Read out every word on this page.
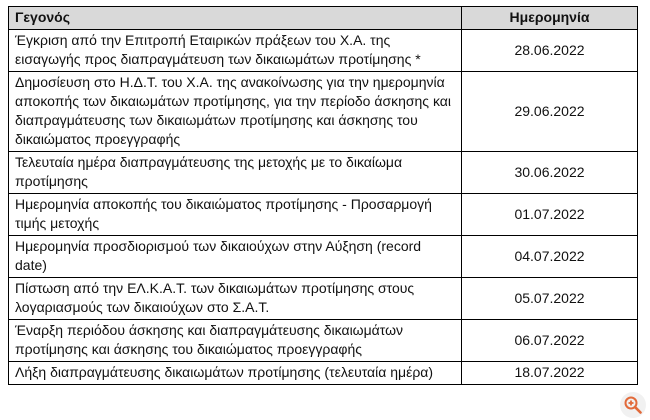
Γεγονός	Ημερομηνία
Έγκριση από την Επιτροπή Εταιρικών πράξεων του Χ.Α. της εισαγωγής προς διαπραγμάτευση των δικαιωμάτων προτίμησης *	28.06.2022
Δημοσίευση στο Η.Δ.Τ. του Χ.Α. της ανακοίνωσης για την ημερομηνία αποκοπής των δικαιωμάτων προτίμησης, για την περίοδο άσκησης και διαπραγμάτευσης των δικαιωμάτων προτίμησης και άσκησης του δικαιώματος προεγγραφής	29.06.2022
Τελευταία ημέρα διαπραγμάτευσης της μετοχής με το δικαίωμα προτίμησης	30.06.2022
Ημερομηνία αποκοπής του δικαιώματος προτίμησης - Προσαρμογή τιμής μετοχής	01.07.2022
Ημερομηνία προσδιορισμού των δικαιούχων στην Αύξηση (record date)	04.07.2022
Πίστωση από την ΕΛ.Κ.Α.Τ. των δικαιωμάτων προτίμησης στους λογαριασμούς των δικαιούχων στο Σ.Α.Τ.	05.07.2022
Έναρξη περιόδου άσκησης και διαπραγμάτευσης δικαιωμάτων προτίμησης και άσκησης του δικαιώματος προεγγραφής	06.07.2022
Λήξη διαπραγμάτευσης δικαιωμάτων προτίμησης (τελευταία ημέρα)	18.07.2022
